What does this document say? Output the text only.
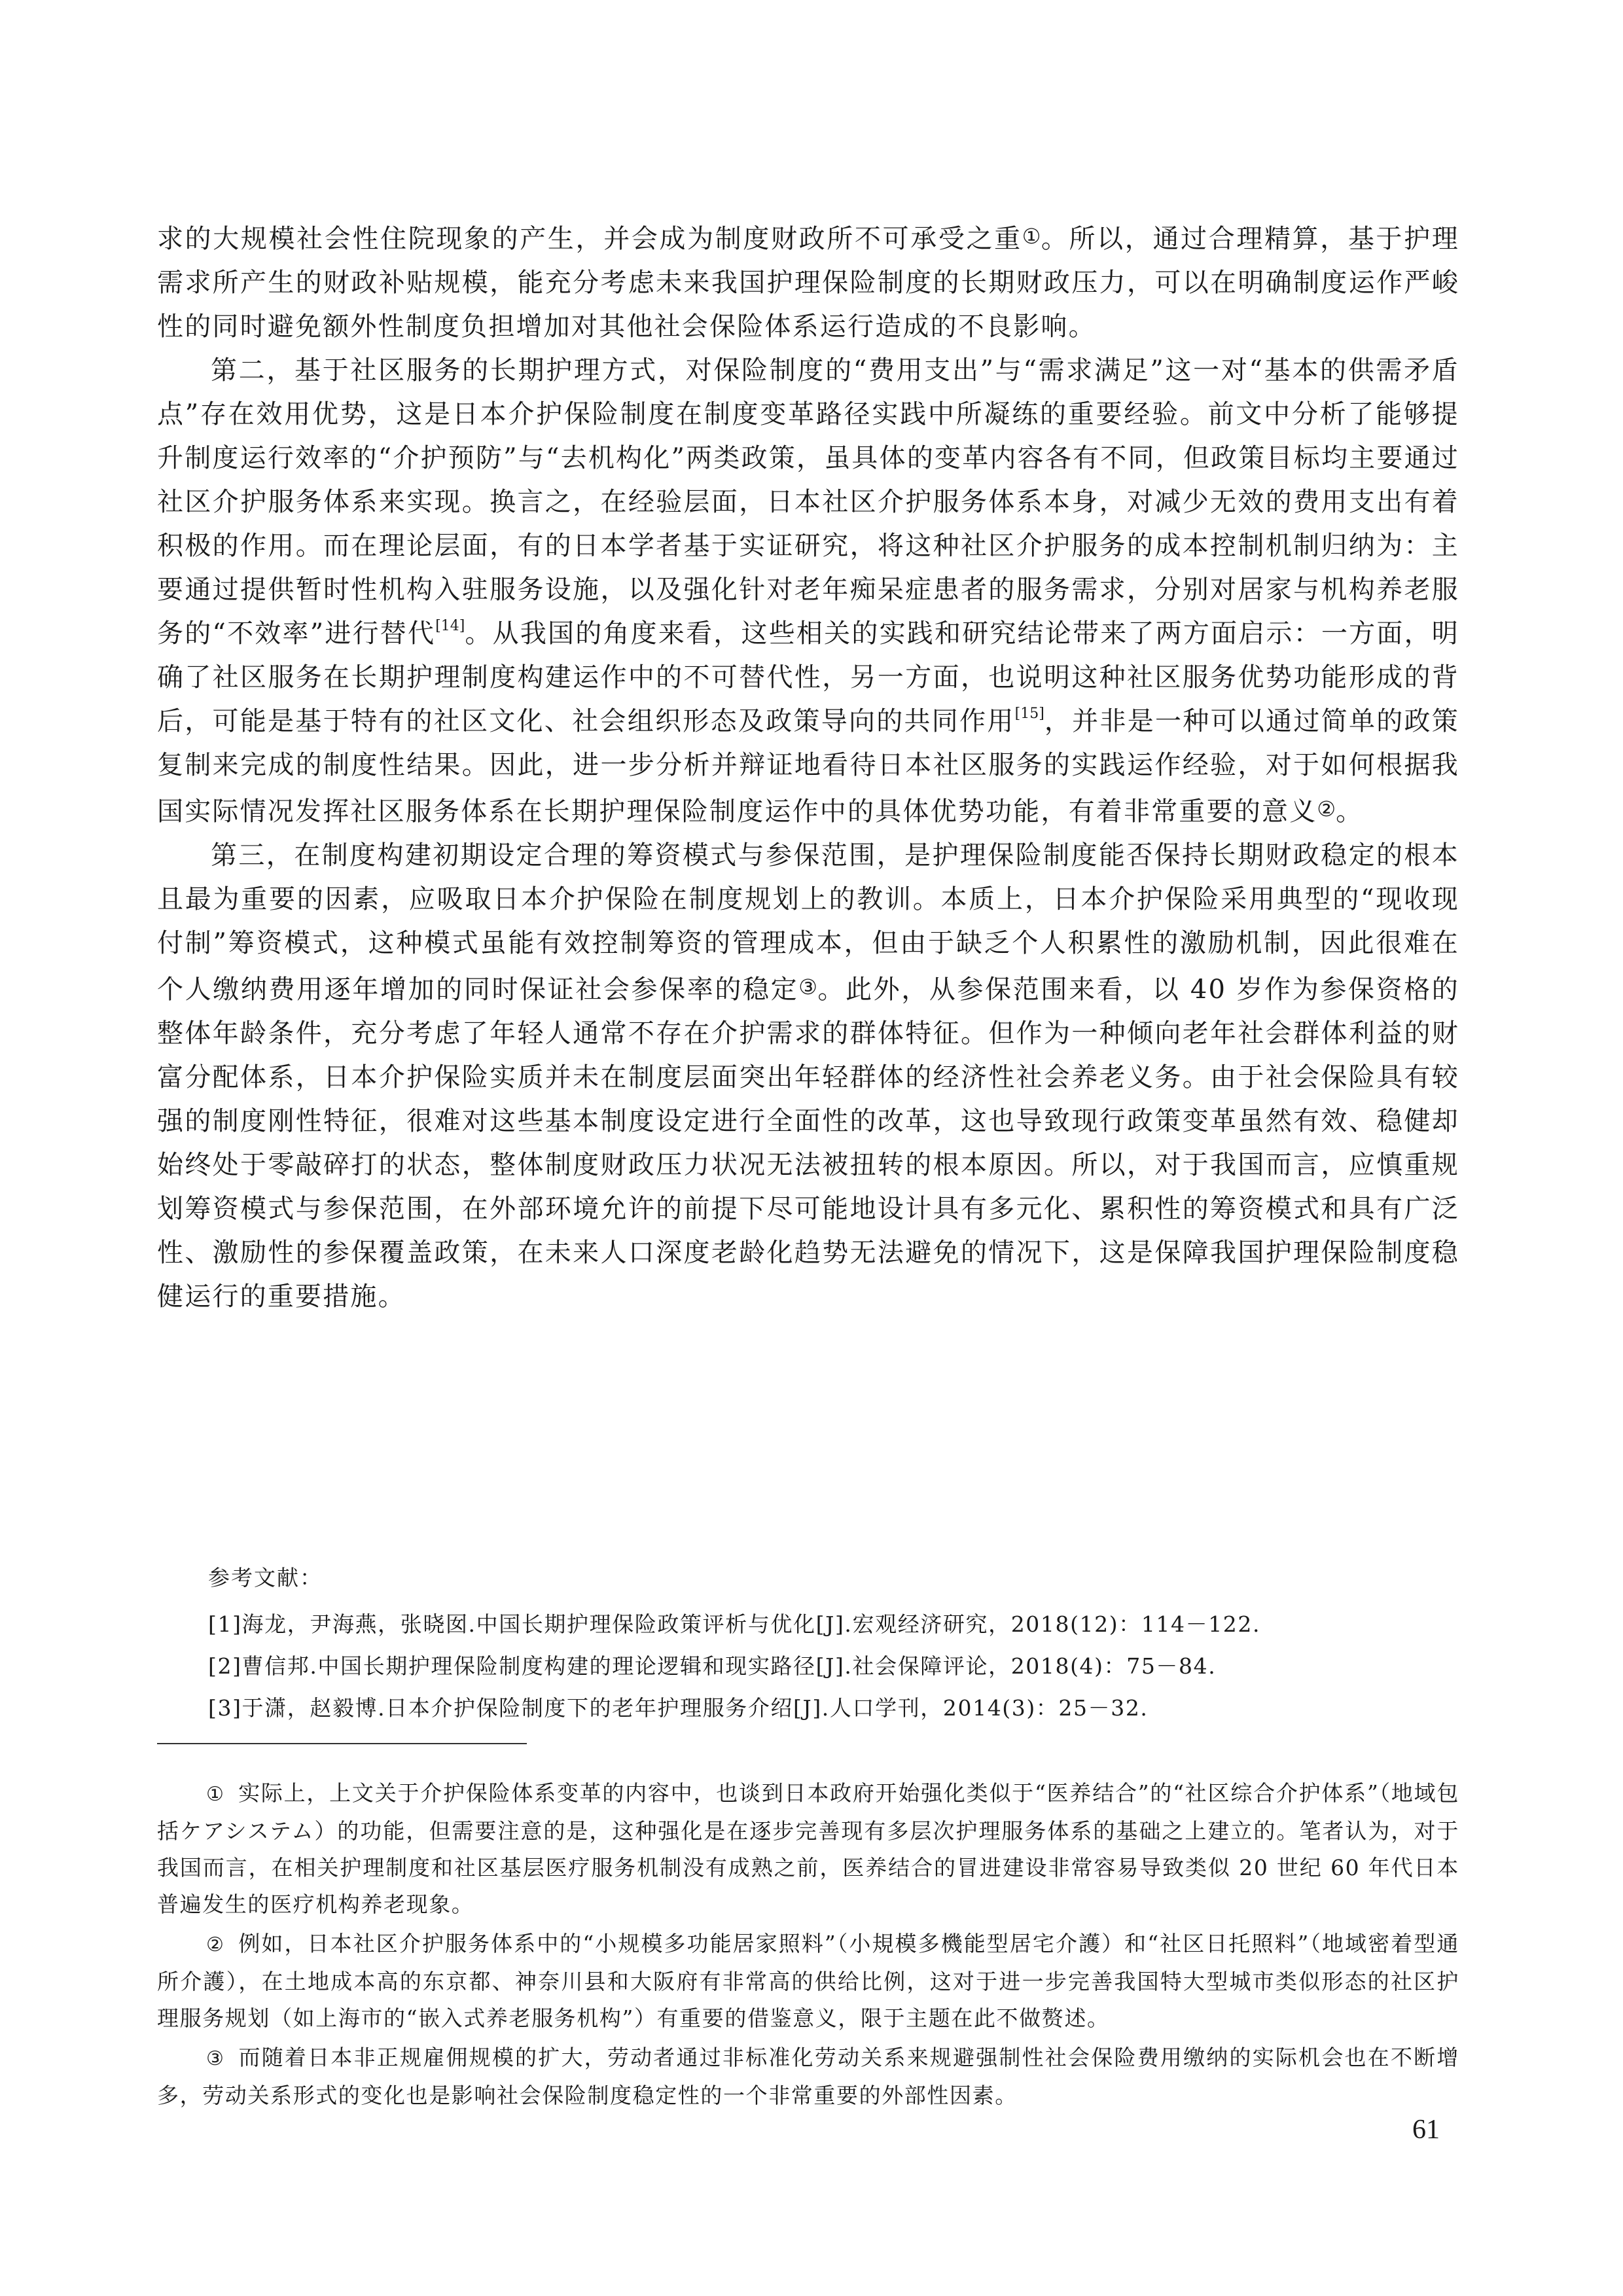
求的大规模社会性住院现象的产生，并会成为制度财政所不可承受之重①。所以，通过合理精算，基于护理需求所产生的财政补贴规模，能充分考虑未来我国护理保险制度的长期财政压力，可以在明确制度运作严峻性的同时避免额外性制度负担增加对其他社会保险体系运行造成的不良影响。

第二，基于社区服务的长期护理方式，对保险制度的“费用支出”与“需求满足”这一对“基本的供需矛盾点”存在效用优势，这是日本介护保险制度在制度变革路径实践中所凝练的重要经验。前文中分析了能够提升制度运行效率的“介护预防”与“去机构化”两类政策，虽具体的变革内容各有不同，但政策目标均主要通过社区介护服务体系来实现。换言之，在经验层面，日本社区介护服务体系本身，对减少无效的费用支出有着积极的作用。而在理论层面，有的日本学者基于实证研究，将这种社区介护服务的成本控制机制归纳为：主要通过提供暂时性机构入驻服务设施，以及强化针对老年痴呆症患者的服务需求，分别对居家与机构养老服务的“不效率”进行替代[14]。从我国的角度来看，这些相关的实践和研究结论带来了两方面启示：一方面，明确了社区服务在长期护理制度构建运作中的不可替代性，另一方面，也说明这种社区服务优势功能形成的背后，可能是基于特有的社区文化、社会组织形态及政策导向的共同作用[15]，并非是一种可以通过简单的政策复制来完成的制度性结果。因此，进一步分析并辩证地看待日本社区服务的实践运作经验，对于如何根据我国实际情况发挥社区服务体系在长期护理保险制度运作中的具体优势功能，有着非常重要的意义②。

第三，在制度构建初期设定合理的筹资模式与参保范围，是护理保险制度能否保持长期财政稳定的根本且最为重要的因素，应吸取日本介护保险在制度规划上的教训。本质上，日本介护保险采用典型的“现收现付制”筹资模式，这种模式虽能有效控制筹资的管理成本，但由于缺乏个人积累性的激励机制，因此很难在个人缴纳费用逐年增加的同时保证社会参保率的稳定③。此外，从参保范围来看，以 40 岁作为参保资格的整体年龄条件，充分考虑了年轻人通常不存在介护需求的群体特征。但作为一种倾向老年社会群体利益的财富分配体系，日本介护保险实质并未在制度层面突出年轻群体的经济性社会养老义务。由于社会保险具有较强的制度刚性特征，很难对这些基本制度设定进行全面性的改革，这也导致现行政策变革虽然有效、稳健却始终处于零敲碎打的状态，整体制度财政压力状况无法被扭转的根本原因。所以，对于我国而言，应慎重规划筹资模式与参保范围，在外部环境允许的前提下尽可能地设计具有多元化、累积性的筹资模式和具有广泛性、激励性的参保覆盖政策，在未来人口深度老龄化趋势无法避免的情况下，这是保障我国护理保险制度稳健运行的重要措施。

参考文献：
[1]海龙，尹海燕，张晓囡.中国长期护理保险政策评析与优化[J].宏观经济研究，2018(12)：114－122.
[2]曹信邦.中国长期护理保险制度构建的理论逻辑和现实路径[J].社会保障评论，2018(4)：75－84.
[3]于潇，赵毅博.日本介护保险制度下的老年护理服务介绍[J].人口学刊，2014(3)：25－32.

① 实际上，上文关于介护保险体系变革的内容中，也谈到日本政府开始强化类似于“医养结合”的“社区综合介护体系”（地域包括ケアシステム）的功能，但需要注意的是，这种强化是在逐步完善现有多层次护理服务体系的基础之上建立的。笔者认为，对于我国而言，在相关护理制度和社区基层医疗服务机制没有成熟之前，医养结合的冒进建设非常容易导致类似 20 世纪 60 年代日本普遍发生的医疗机构养老现象。

② 例如，日本社区介护服务体系中的“小规模多功能居家照料”（小規模多機能型居宅介護）和“社区日托照料”（地域密着型通所介護），在土地成本高的东京都、神奈川县和大阪府有非常高的供给比例，这对于进一步完善我国特大型城市类似形态的社区护理服务规划（如上海市的“嵌入式养老服务机构”）有重要的借鉴意义，限于主题在此不做赘述。

③ 而随着日本非正规雇佣规模的扩大，劳动者通过非标准化劳动关系来规避强制性社会保险费用缴纳的实际机会也在不断增多，劳动关系形式的变化也是影响社会保险制度稳定性的一个非常重要的外部性因素。

61
